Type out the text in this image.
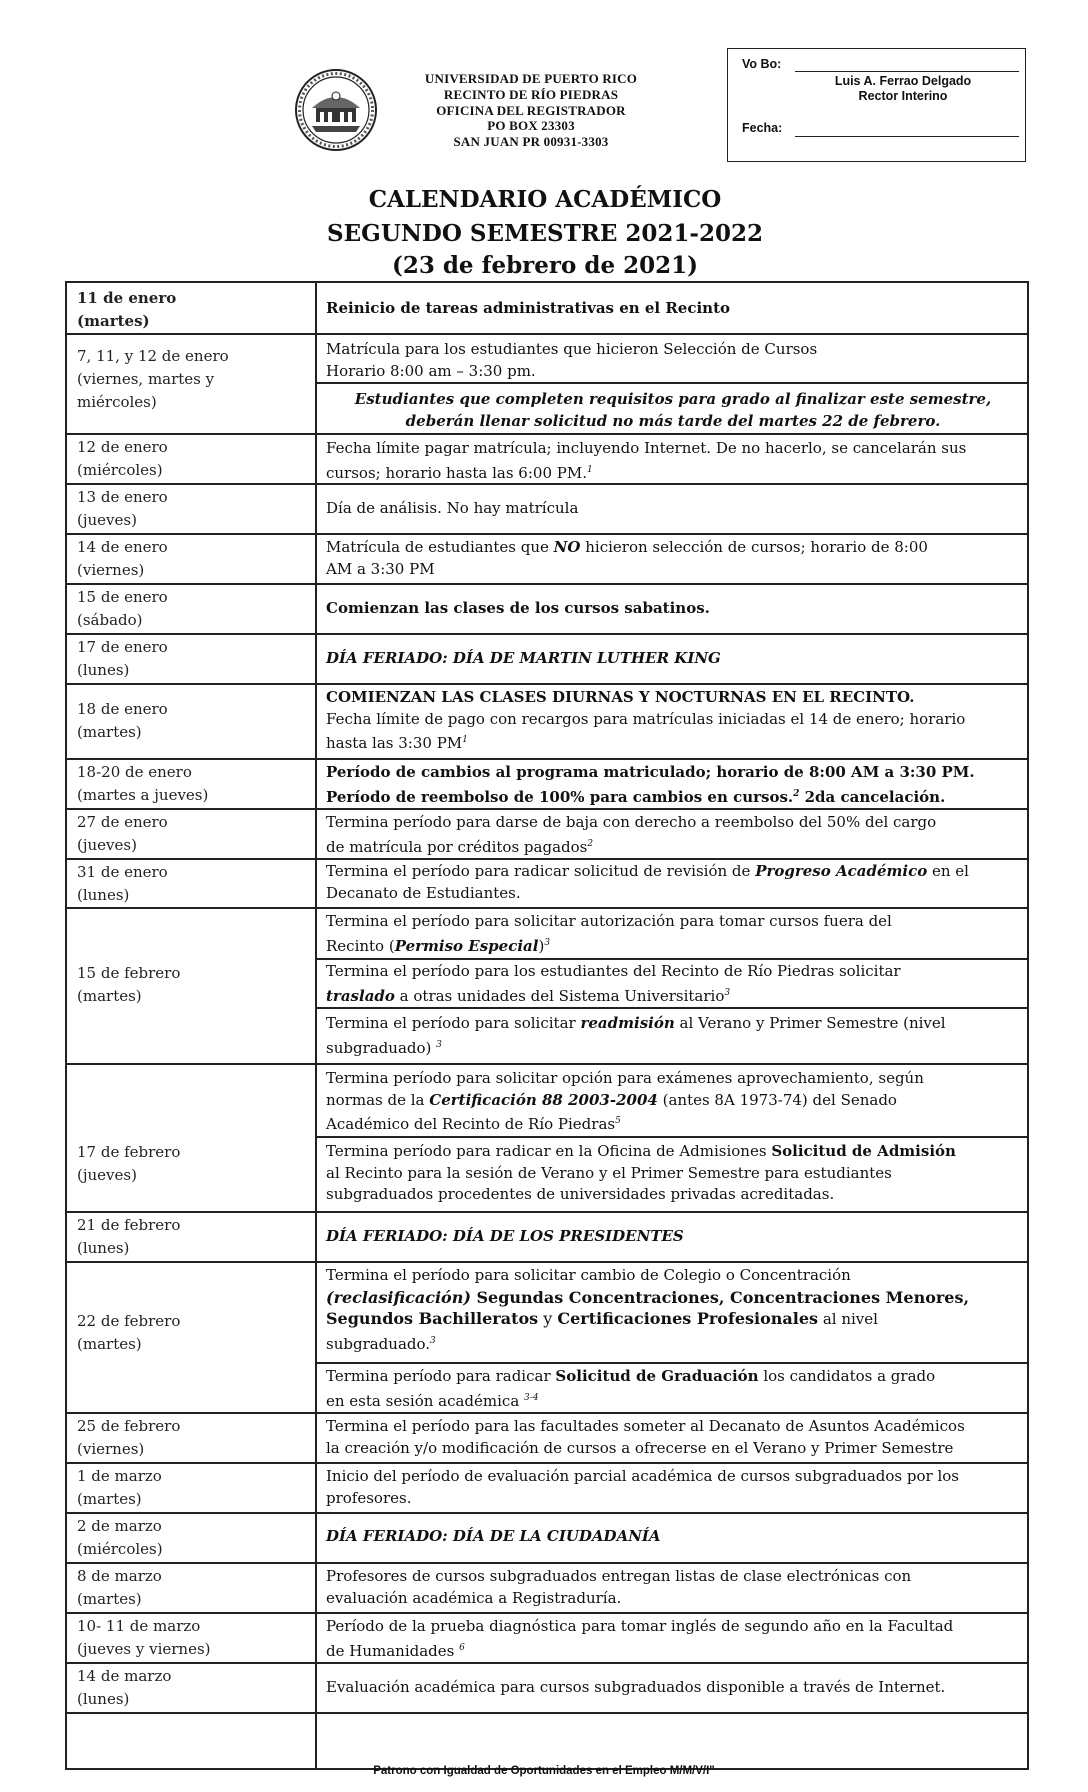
UNIVERSIDAD DE PUERTO RICO
RECINTO DE RÍO PIEDRAS
OFICINA DEL REGISTRADOR
PO BOX 23303
SAN JUAN PR 00931-3303
Vo Bo:
Luis A. Ferrao Delgado
Rector Interino
Fecha:
CALENDARIO ACADÉMICO
SEGUNDO SEMESTRE 2021-2022
(23 de febrero de 2021)
11 de enero
(martes)
Reinicio de tareas administrativas en el Recinto
7, 11, y 12 de enero
(viernes, martes y
miércoles)
Matrícula para los estudiantes que hicieron Selección de Cursos
Horario 8:00 am – 3:30 pm.
Estudiantes que completen requisitos para grado al finalizar este semestre,
deberán llenar solicitud no más tarde del martes 22 de febrero.
12 de enero
(miércoles)
Fecha límite pagar matrícula; incluyendo Internet. De no hacerlo, se cancelarán sus
cursos; horario hasta las 6:00 PM.$^1$
13 de enero
(jueves)
Día de análisis. No hay matrícula
14 de enero
(viernes)
Matrícula de estudiantes que NO hicieron selección de cursos; horario de 8:00
AM a 3:30 PM
15 de enero
(sábado)
Comienzan las clases de los cursos sabatinos.
17 de enero
(lunes)
DÍA FERIADO: DÍA DE MARTIN LUTHER KING
18 de enero
(martes)
COMIENZAN LAS CLASES DIURNAS Y NOCTURNAS EN EL RECINTO.
Fecha límite de pago con recargos para matrículas iniciadas el 14 de enero; horario
hasta las 3:30 $PM^1$
18-20 de enero
(martes a jueves)
Período de cambios al programa matriculado; horario de 8:00 AM a 3:30 PM.
Período de reembolso de 100% para cambios en cursos.$^2$ 2da cancelación.
27 de enero
(jueves)
Termina período para darse de baja con derecho a reembolso del 50% del cargo
de matrícula por créditos pagados$^2$
31 de enero
(lunes)
Termina el período para radicar solicitud de revisión de Progreso Académico en el
Decanato de Estudiantes.
15 de febrero
(martes)
Termina el período para solicitar autorización para tomar cursos fuera del
Recinto (Permiso Especial)$^3$
Termina el período para los estudiantes del Recinto de Río Piedras solicitar
traslado a otras unidades del Sistema Universitario$^3$
Termina el período para solicitar readmisión al Verano y Primer Semestre (nivel
subgraduado) $^3$
17 de febrero
(jueves)
Termina período para solicitar opción para exámenes aprovechamiento, según
normas de la Certificación 88 2003-2004 (antes 8A 1973-74) del Senado
Académico del Recinto de Río Piedras$^5$
Termina período para radicar en la Oficina de Admisiones Solicitud de Admisión
al Recinto para la sesión de Verano y el Primer Semestre para estudiantes
subgraduados procedentes de universidades privadas acreditadas.
21 de febrero
(lunes)
DÍA FERIADO: DÍA DE LOS PRESIDENTES
22 de febrero
(martes)
Termina el período para solicitar cambio de Colegio o Concentración
(reclasificación) Segundas Concentraciones, Concentraciones Menores,
Segundos Bachilleratos y Certificaciones Profesionales al nivel
subgraduado.$^3$
Termina período para radicar Solicitud de Graduación los candidatos a grado
en esta sesión académica $^{3-4}$
25 de febrero
(viernes)
Termina el período para las facultades someter al Decanato de Asuntos Académicos
la creación y/o modificación de cursos a ofrecerse en el Verano y Primer Semestre
1 de marzo
(martes)
Inicio del período de evaluación parcial académica de cursos subgraduados por los
profesores.
2 de marzo
(miércoles)
DÍA FERIADO: DÍA DE LA CIUDADANÍA
8 de marzo
(martes)
Profesores de cursos subgraduados entregan listas de clase electrónicas con
evaluación académica a Registraduría.
10- 11 de marzo
(jueves y viernes)
Período de la prueba diagnóstica para tomar inglés de segundo año en la Facultad
de Humanidades $^6$
14 de marzo
(lunes)
Evaluación académica para cursos subgraduados disponible a través de Internet.
Patrono con Igualdad de Oportunidades en el Empleo M/M/V/I"
